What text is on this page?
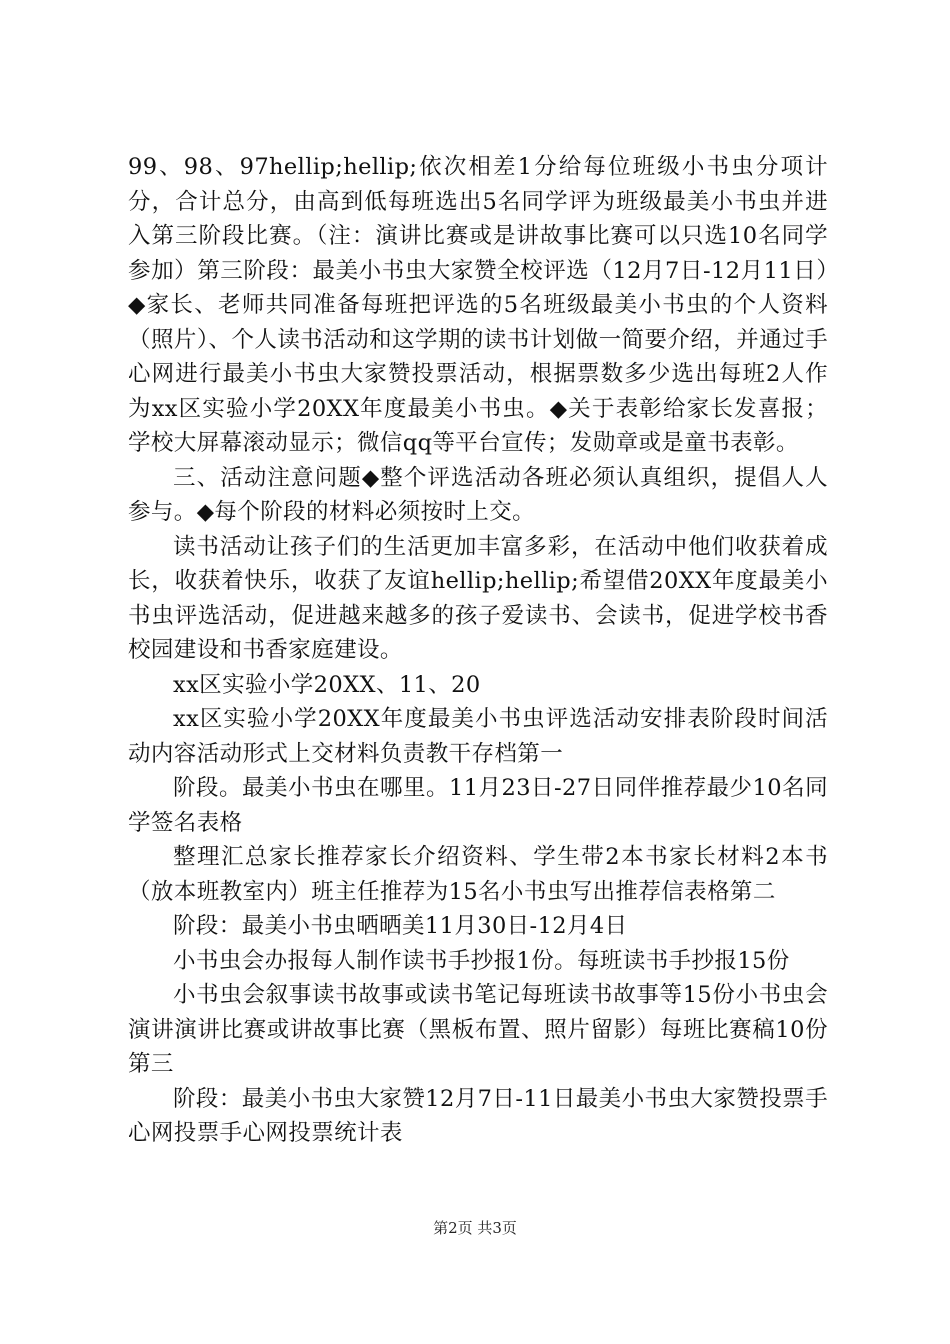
99、98、97hellip;hellip;依次相差1分给每位班级小书虫分项计分，合计总分，由高到低每班选出5名同学评为班级最美小书虫并进入第三阶段比赛。（注：演讲比赛或是讲故事比赛可以只选10名同学参加）第三阶段：最美小书虫大家赞全校评选（12月7日-12月11日）◆家长、老师共同准备每班把评选的5名班级最美小书虫的个人资料（照片）、个人读书活动和这学期的读书计划做一简要介绍，并通过手心网进行最美小书虫大家赞投票活动，根据票数多少选出每班2人作为xx区实验小学20XX年度最美小书虫。◆关于表彰给家长发喜报；学校大屏幕滚动显示；微信qq等平台宣传；发勋章或是童书表彰。

三、活动注意问题◆整个评选活动各班必须认真组织，提倡人人参与。◆每个阶段的材料必须按时上交。

读书活动让孩子们的生活更加丰富多彩，在活动中他们收获着成长，收获着快乐，收获了友谊hellip;hellip;希望借20XX年度最美小书虫评选活动，促进越来越多的孩子爱读书、会读书，促进学校书香校园建设和书香家庭建设。

xx区实验小学20XX、11、20

xx区实验小学20XX年度最美小书虫评选活动安排表阶段时间活动内容活动形式上交材料负责教干存档第一

阶段。最美小书虫在哪里。11月23日-27日同伴推荐最少10名同学签名表格

整理汇总家长推荐家长介绍资料、学生带2本书家长材料2本书（放本班教室内）班主任推荐为15名小书虫写出推荐信表格第二

阶段：最美小书虫晒晒美11月30日-12月4日

小书虫会办报每人制作读书手抄报1份。每班读书手抄报15份

小书虫会叙事读书故事或读书笔记每班读书故事等15份小书虫会演讲演讲比赛或讲故事比赛（黑板布置、照片留影）每班比赛稿10份第三

阶段：最美小书虫大家赞12月7日-11日最美小书虫大家赞投票手心网投票手心网投票统计表

第2页 共3页
